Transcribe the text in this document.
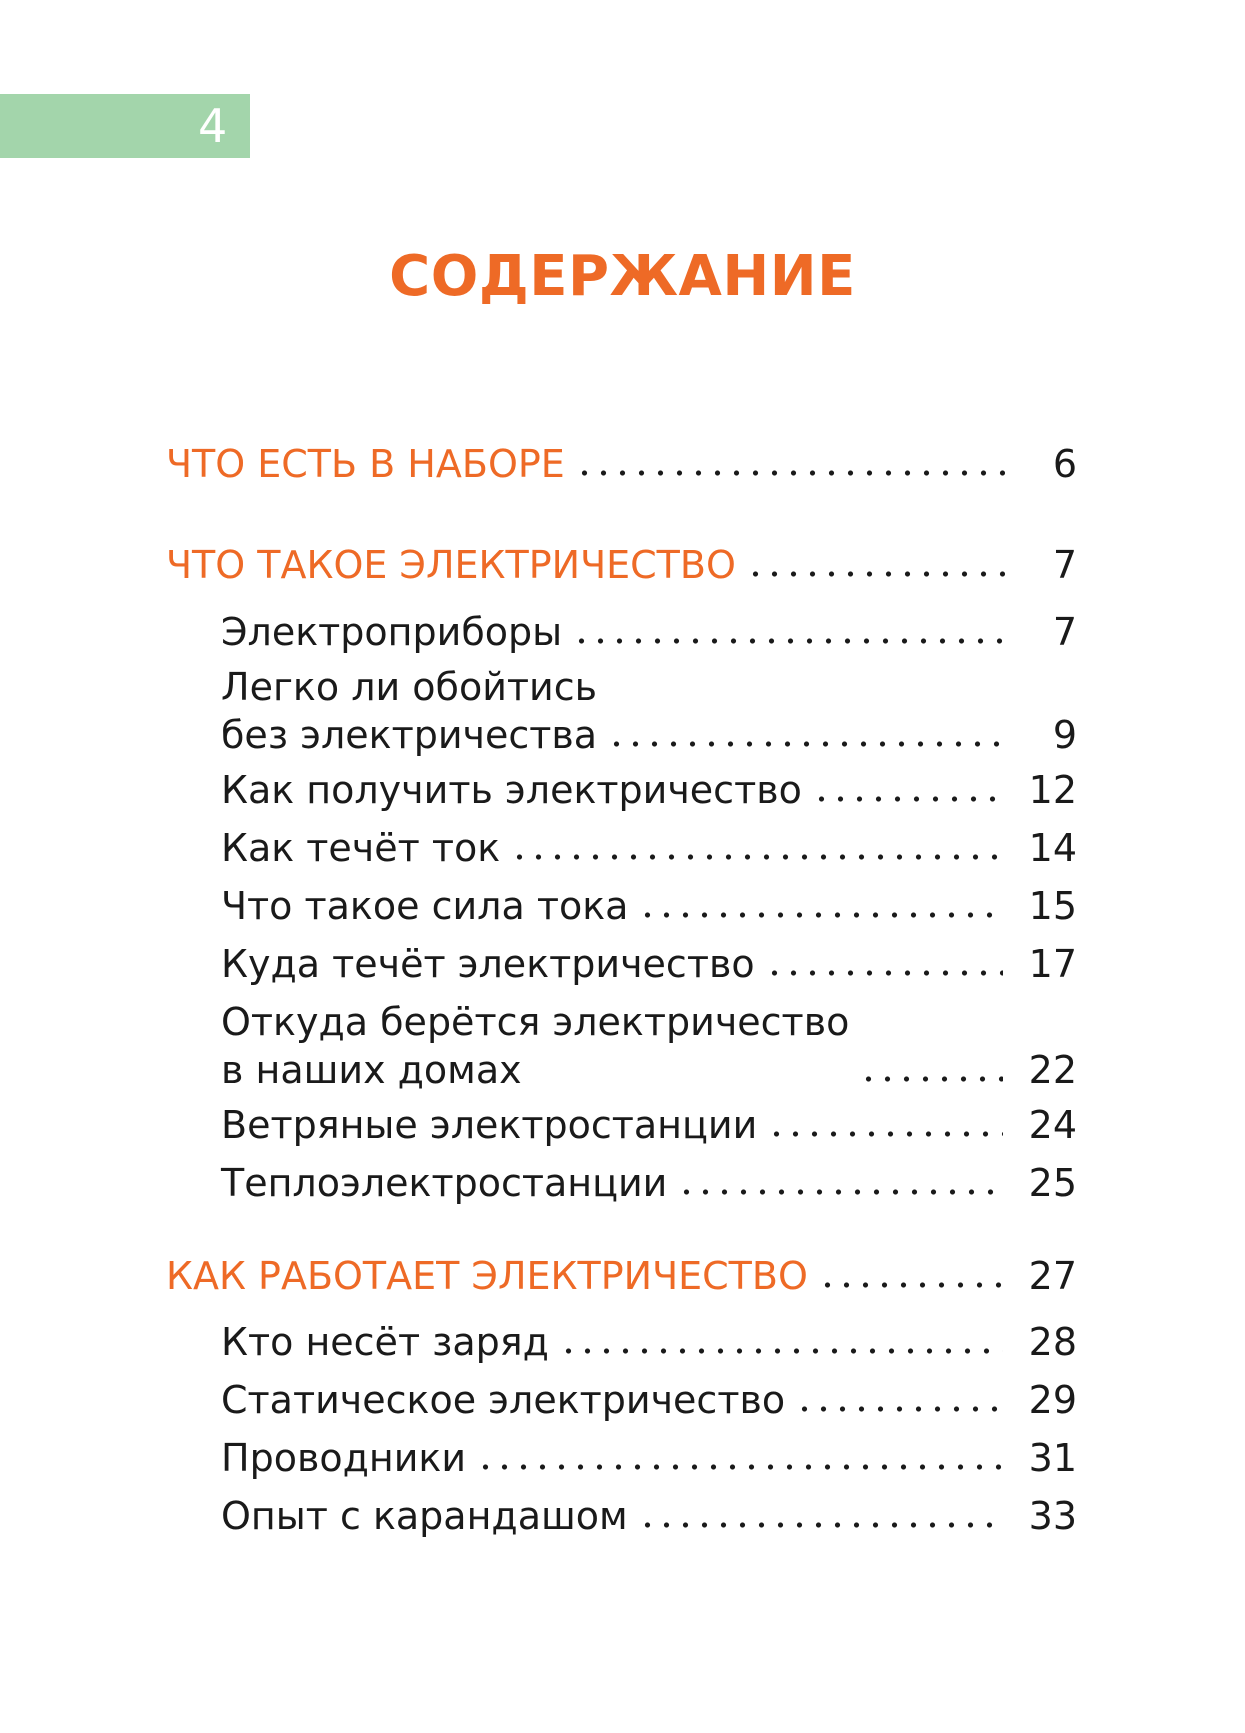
4
СОДЕРЖАНИЕ
ЧТО ЕСТЬ В НАБОРЕ	6
ЧТО ТАКОЕ ЭЛЕКТРИЧЕСТВО	7
Электроприборы	7
Легко ли обойтись
без электричества	9
Как получить электричество	12
Как течёт ток	14
Что такое сила тока	15
Куда течёт электричество	17
Откуда берётся электричество
в наших домах	22
Ветряные электростанции	24
Теплоэлектростанции	25
КАК РАБОТАЕТ ЭЛЕКТРИЧЕСТВО	27
Кто несёт заряд	28
Статическое электричество	29
Проводники	31
Опыт с карандашом	33
